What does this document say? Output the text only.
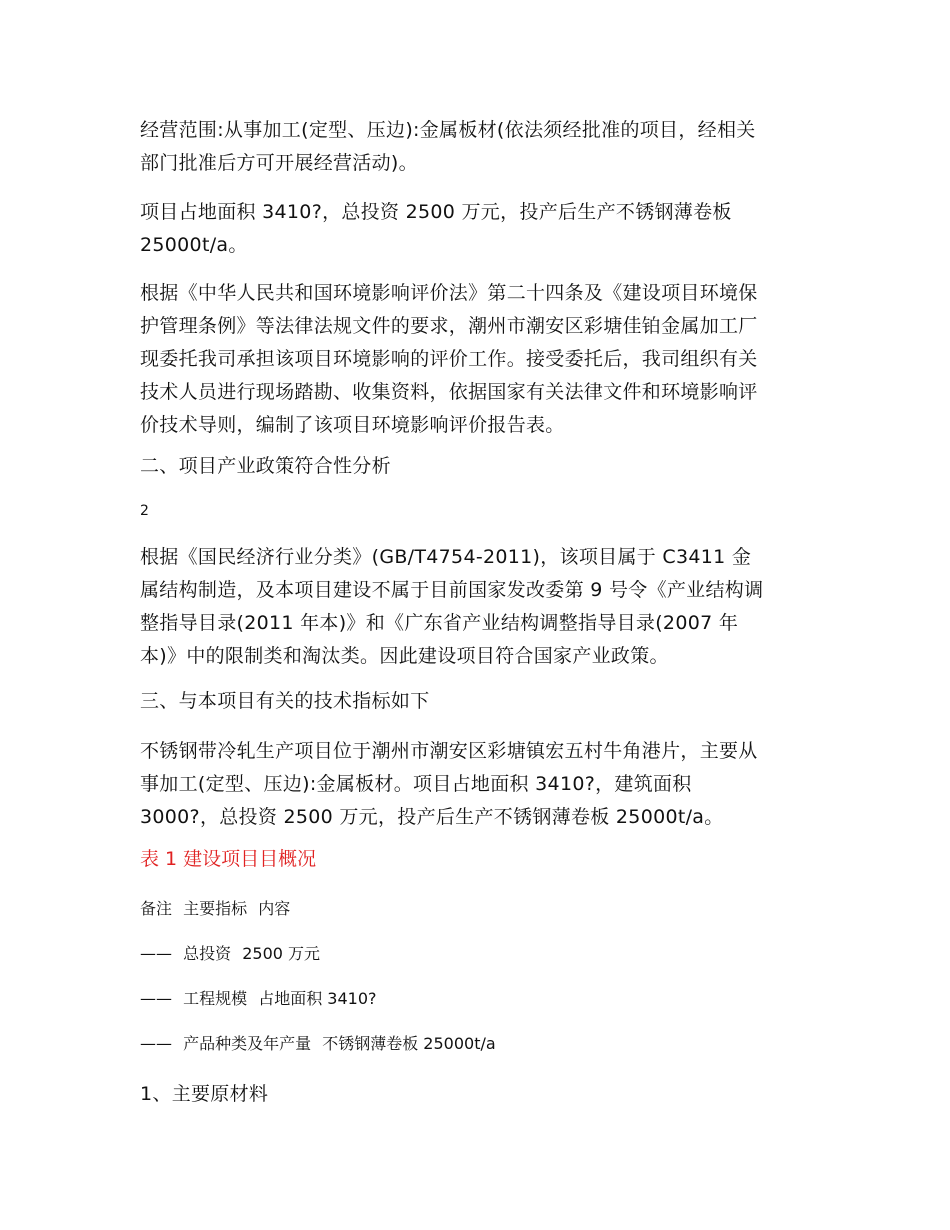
经营范围:从事加工(定型、压边):金属板材(依法须经批准的项目，经相关
部门批准后方可开展经营活动)。

项目占地面积 3410?，总投资 2500 万元，投产后生产不锈钢薄卷板
25000t/a。

根据《中华人民共和国环境影响评价法》第二十四条及《建设项目环境保
护管理条例》等法律法规文件的要求，潮州市潮安区彩塘佳铂金属加工厂
现委托我司承担该项目环境影响的评价工作。接受委托后，我司组织有关
技术人员进行现场踏勘、收集资料，依据国家有关法律文件和环境影响评
价技术导则，编制了该项目环境影响评价报告表。

二、项目产业政策符合性分析
2

根据《国民经济行业分类》(GB/T4754-2011)，该项目属于 C3411 金
属结构制造，及本项目建设不属于目前国家发改委第 9 号令《产业结构调
整指导目录(2011 年本)》和《广东省产业结构调整指导目录(2007 年
本)》中的限制类和淘汰类。因此建设项目符合国家产业政策。

三、与本项目有关的技术指标如下

不锈钢带冷轧生产项目位于潮州市潮安区彩塘镇宏五村牛角港片，主要从
事加工(定型、压边):金属板材。项目占地面积 3410?，建筑面积
3000?，总投资 2500 万元，投产后生产不锈钢薄卷板 25000t/a。

表 1 建设项目目概况
备注 主要指标 内容
—— 总投资 2500 万元
—— 工程规模 占地面积 3410?
—— 产品种类及年产量 不锈钢薄卷板 25000t/a
1、主要原材料
